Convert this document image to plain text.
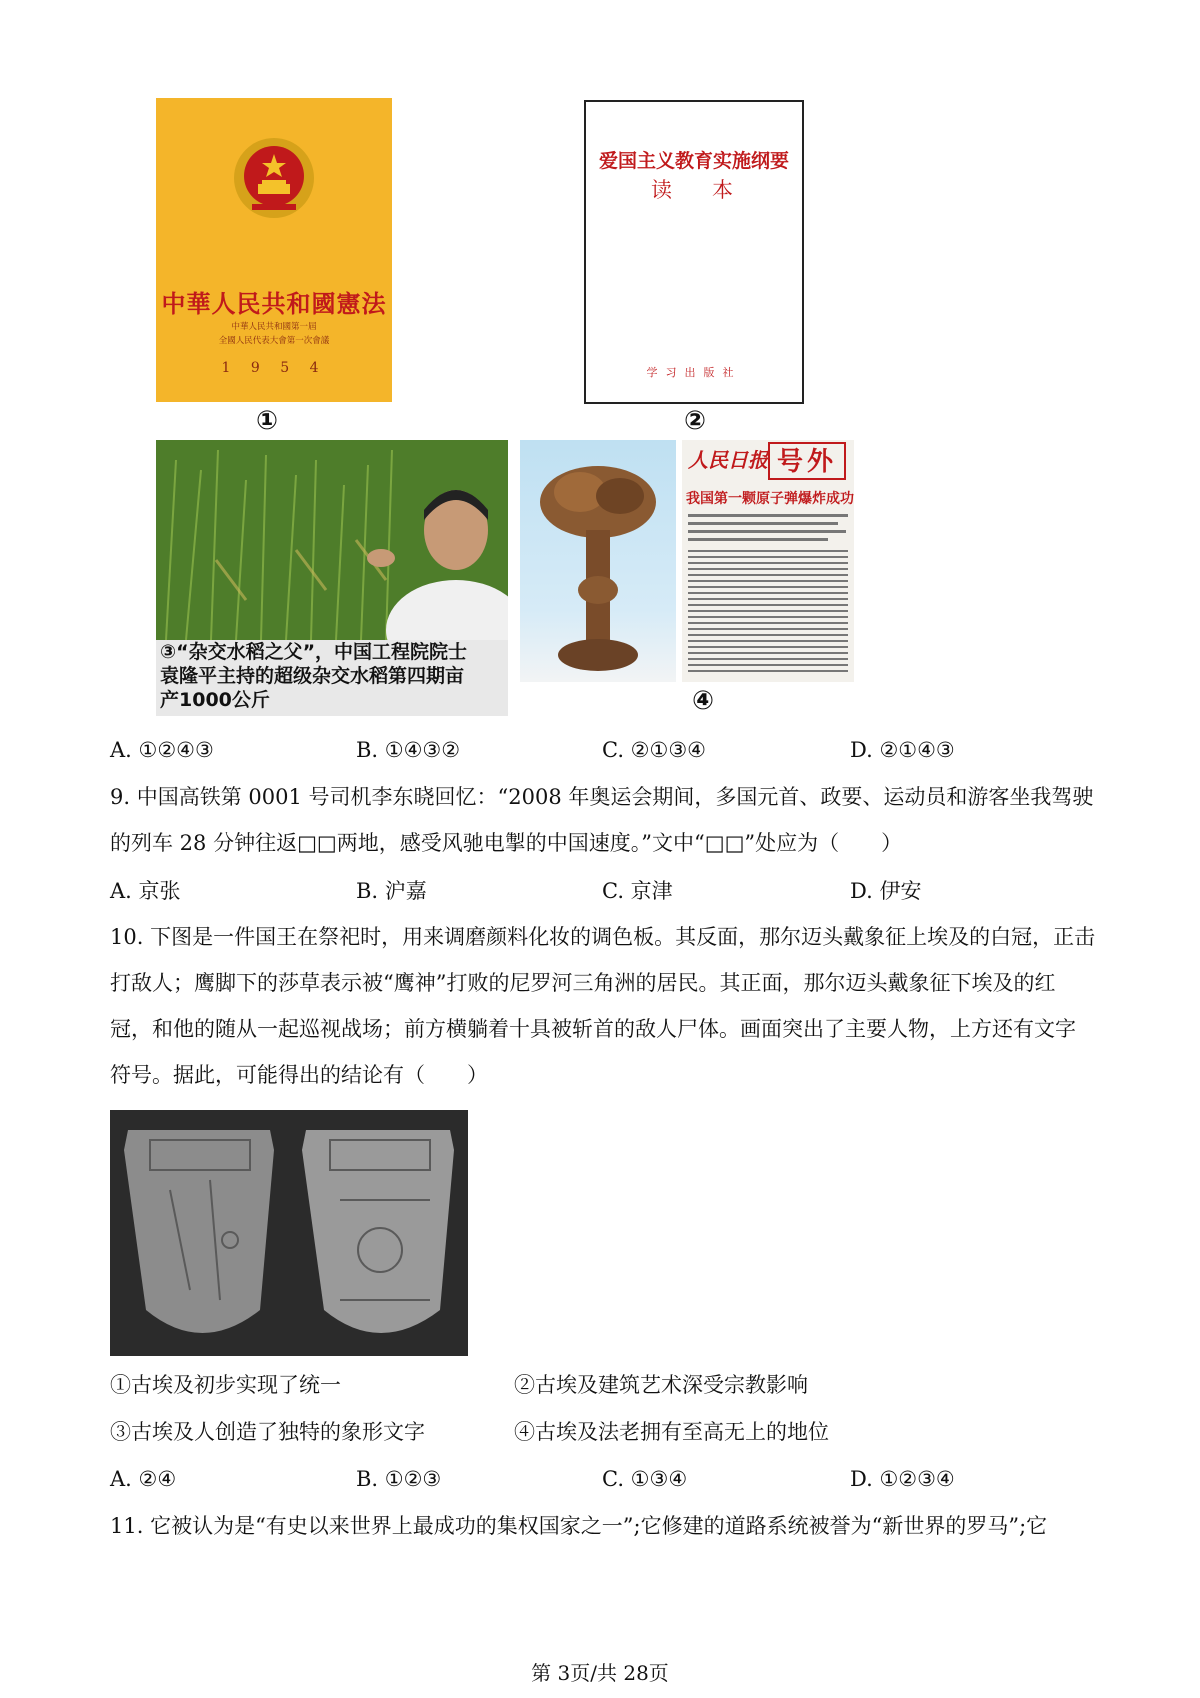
中華人民共和國憲法
中華人民共和國第一屆
全國人民代表大會第一次會議
1 9 5 4
①
爱国主义教育实施纲要
读本
学习出版社
②
③“杂交水稻之父”，中国工程院院士
袁隆平主持的超级杂交水稻第四期亩
产1000公斤
人民日报 号外
我国第一颗原子弹爆炸成功
④
A. ①②④③	B. ①④③②	C. ②①③④	D. ②①④③
9. 中国高铁第 0001 号司机李东晓回忆：“2008 年奥运会期间，多国元首、政要、运动员和游客坐我驾驶
的列车 28 分钟往返□□两地，感受风驰电掣的中国速度。”文中“□□”处应为（　　）
A. 京张	B. 沪嘉	C. 京津	D. 伊安
10. 下图是一件国王在祭祀时，用来调磨颜料化妆的调色板。其反面，那尔迈头戴象征上埃及的白冠，正击
打敌人；鹰脚下的莎草表示被“鹰神”打败的尼罗河三角洲的居民。其正面，那尔迈头戴象征下埃及的红
冠，和他的随从一起巡视战场；前方横躺着十具被斩首的敌人尸体。画面突出了主要人物，上方还有文字
符号。据此，可能得出的结论有（　　）
①古埃及初步实现了统一	②古埃及建筑艺术深受宗教影响
③古埃及人创造了独特的象形文字	④古埃及法老拥有至高无上的地位
A. ②④	B. ①②③	C. ①③④	D. ①②③④
11. 它被认为是“有史以来世界上最成功的集权国家之一”;它修建的道路系统被誉为“新世界的罗马”;它
第 3页/共 28页
